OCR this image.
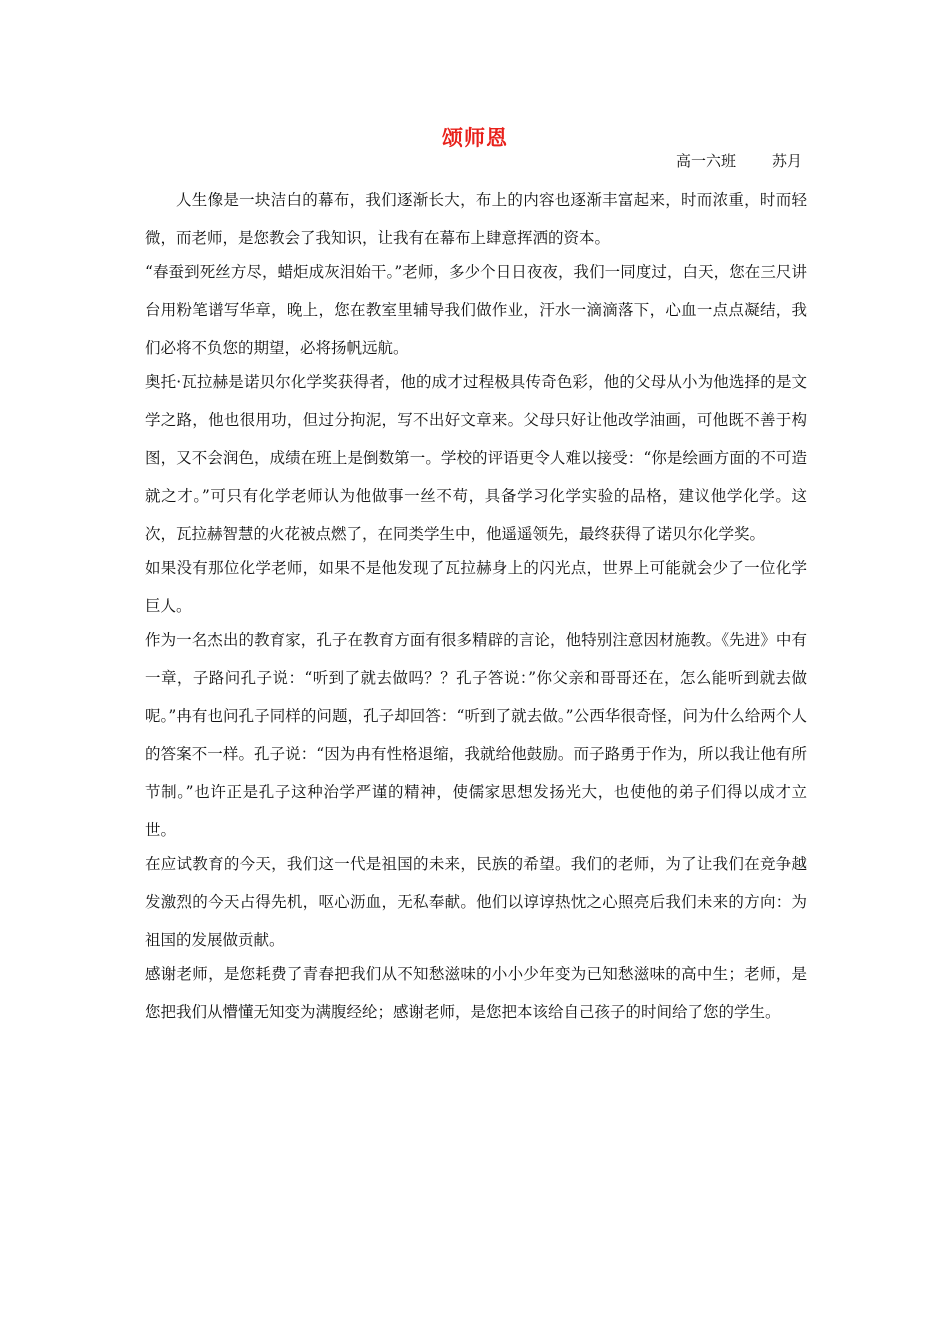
颂师恩
高一六班 苏月

人生像是一块洁白的幕布，我们逐渐长大，布上的内容也逐渐丰富起来，时而浓重，时而轻微，而老师，是您教会了我知识，让我有在幕布上肆意挥洒的资本。

“春蚕到死丝方尽，蜡炬成灰泪始干。”老师，多少个日日夜夜，我们一同度过，白天，您在三尺讲台用粉笔谱写华章，晚上，您在教室里辅导我们做作业，汗水一滴滴落下，心血一点点凝结，我们必将不负您的期望，必将扬帆远航。

奥托·瓦拉赫是诺贝尔化学奖获得者，他的成才过程极具传奇色彩，他的父母从小为他选择的是文学之路，他也很用功，但过分拘泥，写不出好文章来。父母只好让他改学油画，可他既不善于构图，又不会润色，成绩在班上是倒数第一。学校的评语更令人难以接受：“你是绘画方面的不可造就之才。”可只有化学老师认为他做事一丝不苟，具备学习化学实验的品格，建议他学化学。这次，瓦拉赫智慧的火花被点燃了，在同类学生中，他遥遥领先，最终获得了诺贝尔化学奖。

如果没有那位化学老师，如果不是他发现了瓦拉赫身上的闪光点，世界上可能就会少了一位化学巨人。

作为一名杰出的教育家，孔子在教育方面有很多精辟的言论，他特别注意因材施教。《先进》中有一章，子路问孔子说：“听到了就去做吗？？孔子答说：”你父亲和哥哥还在，怎么能听到就去做呢。”冉有也问孔子同样的问题，孔子却回答：“听到了就去做。”公西华很奇怪，问为什么给两个人的答案不一样。孔子说：“因为冉有性格退缩，我就给他鼓励。而子路勇于作为，所以我让他有所节制。”也许正是孔子这种治学严谨的精神，使儒家思想发扬光大，也使他的弟子们得以成才立世。

在应试教育的今天，我们这一代是祖国的未来，民族的希望。我们的老师，为了让我们在竞争越发激烈的今天占得先机，呕心沥血，无私奉献。他们以谆谆热忱之心照亮后我们未来的方向：为祖国的发展做贡献。

感谢老师，是您耗费了青春把我们从不知愁滋味的小小少年变为已知愁滋味的高中生；老师，是您把我们从懵懂无知变为满腹经纶；感谢老师，是您把本该给自己孩子的时间给了您的学生。
